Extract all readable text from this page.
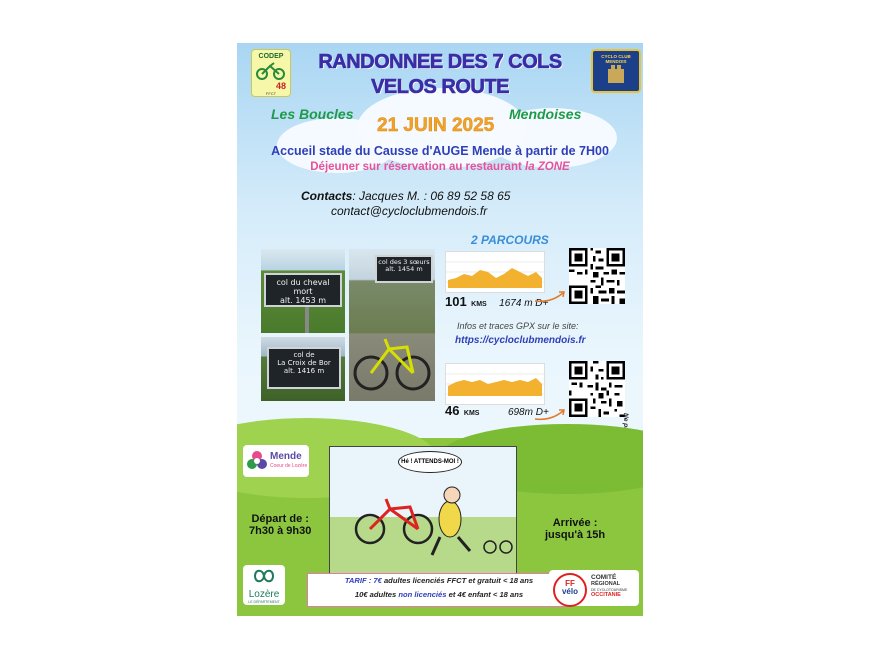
CODEP
48
FFCT
CYCLO CLUB MENDOIS
RANDONNEE DES 7 COLS
VELOS ROUTE
Les Boucles	Mendoises
21 JUIN 2025
Accueil stade du Causse d'AUGE Mende à partir de 7H00
Déjeuner sur réservation au restaurant la ZONE
Contacts: Jacques M. : 06 89 52 58 65
contact@cycloclubmendois.fr
col du cheval mort
alt. 1453 m
col de
La Croix de Bor
alt. 1416 m
col des 3 sœurs
alt. 1454 m
2 PARCOURS
101 KMS 1674 m D+
Infos et traces GPX sur le site:
https://cycloclubmendois.fr
46 KMS	698m D+
Mende
Coeur de Lozère
Hé ! ATTENDS-MOI !
Départ de :
7h30 à 9h30
Arrivée :
jusqu'à 15h
Lozère
LE DÉPARTEMENT
TARIF : 7€ adultes licenciés FFCT et gratuit < 18 ans
10€ adultes non licenciés et 4€ enfant < 18 ans
FF
vélo
COMITÉ
RÉGIONAL
DE CYCLOTOURISME
OCCITANIE
